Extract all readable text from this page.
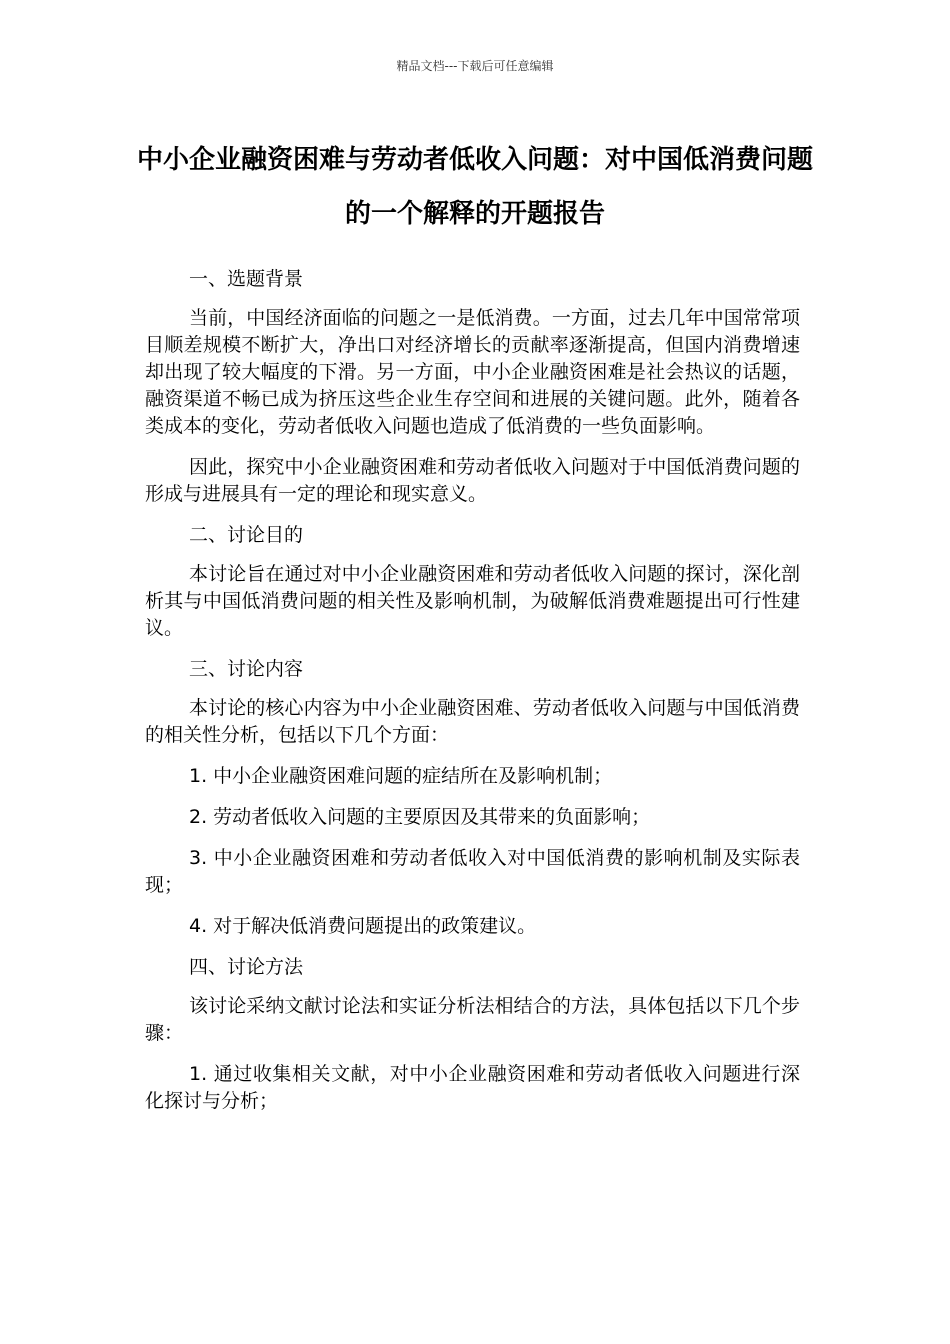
精品文档---下载后可任意编辑
中小企业融资困难与劳动者低收入问题：对中国低消费问题的一个解释的开题报告

一、选题背景

当前，中国经济面临的问题之一是低消费。一方面，过去几年中国常常项目顺差规模不断扩大，净出口对经济增长的贡献率逐渐提高，但国内消费增速却出现了较大幅度的下滑。另一方面，中小企业融资困难是社会热议的话题，融资渠道不畅已成为挤压这些企业生存空间和进展的关键问题。此外，随着各类成本的变化，劳动者低收入问题也造成了低消费的一些负面影响。

因此，探究中小企业融资困难和劳动者低收入问题对于中国低消费问题的形成与进展具有一定的理论和现实意义。

二、讨论目的

本讨论旨在通过对中小企业融资困难和劳动者低收入问题的探讨，深化剖析其与中国低消费问题的相关性及影响机制，为破解低消费难题提出可行性建议。

三、讨论内容

本讨论的核心内容为中小企业融资困难、劳动者低收入问题与中国低消费的相关性分析，包括以下几个方面：

1. 中小企业融资困难问题的症结所在及影响机制；

2. 劳动者低收入问题的主要原因及其带来的负面影响；

3. 中小企业融资困难和劳动者低收入对中国低消费的影响机制及实际表现；

4. 对于解决低消费问题提出的政策建议。

四、讨论方法

该讨论采纳文献讨论法和实证分析法相结合的方法，具体包括以下几个步骤：

1. 通过收集相关文献，对中小企业融资困难和劳动者低收入问题进行深化探讨与分析；
